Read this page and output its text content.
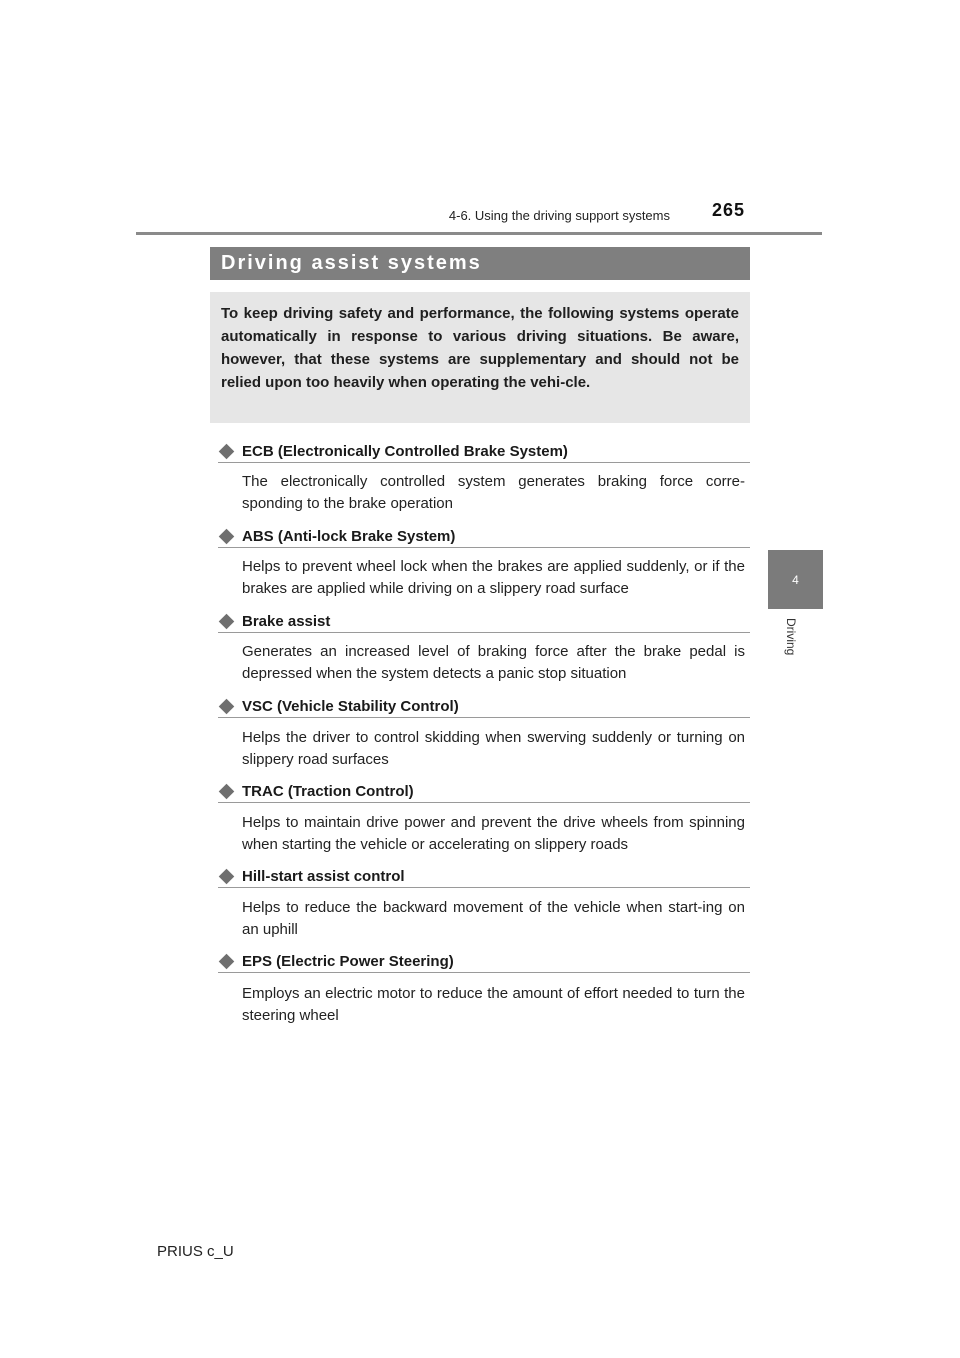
4-6. Using the driving support systems 265
4
Driving
Driving assist systems
To keep driving safety and performance, the following systems operate automatically in response to various driving situations. Be aware, however, that these systems are supplementary and should not be relied upon too heavily when operating the vehi-cle.
ECB (Electronically Controlled Brake System)
The electronically controlled system generates braking force corre-sponding to the brake operation
ABS (Anti-lock Brake System)
Helps to prevent wheel lock when the brakes are applied suddenly, or if the brakes are applied while driving on a slippery road surface
Brake assist
Generates an increased level of braking force after the brake pedal is depressed when the system detects a panic stop situation
VSC (Vehicle Stability Control)
Helps the driver to control skidding when swerving suddenly or turning on slippery road surfaces
TRAC (Traction Control)
Helps to maintain drive power and prevent the drive wheels from spinning when starting the vehicle or accelerating on slippery roads
Hill-start assist control
Helps to reduce the backward movement of the vehicle when start-ing on an uphill
EPS (Electric Power Steering)
Employs an electric motor to reduce the amount of effort needed to turn the steering wheel
PRIUS c_U
